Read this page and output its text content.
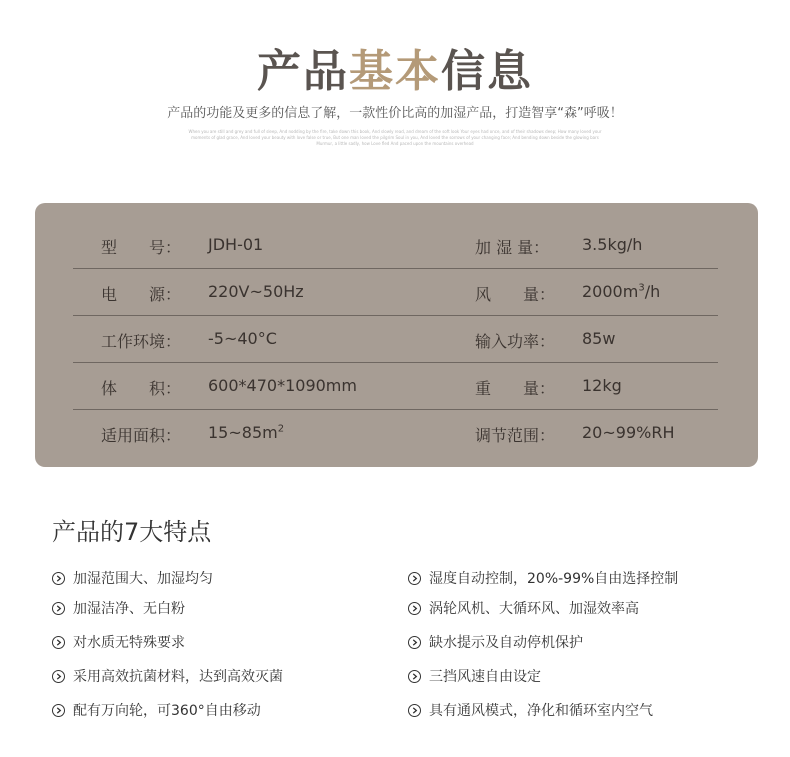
产品基本信息
产品的功能及更多的信息了解，一款性价比高的加湿产品，打造智享“森”呼吸！
When you are still and grey and full of sleep, And nodding by the fire, take down this book, And slowly read, and dream of the soft look Your eyes had once, and of their shadows deep; How many loved your moments of glad grace, And loved your beauty with love false or true, But one man loved the pilgrim Soul in you, And loved the sorrows of your changing face; And bending down beside the glowing bars Murmur, a little sadly, how Love fled And paced upon the mountains overhead
型　　号： JDH-01	加 湿 量： 3.5kg/h
电　　源： 220V~50Hz	风　　量： $2000m^3/h$
工作环境： -5~40°C	输入功率： 85w
体　　积： 600*470*1090mm	重　　量： 12kg
适用面积： $15\sim 85m^2$	调节范围： 20~99%RH
产品的7大特点
加湿范围大、加湿均匀
加湿洁净、无白粉
对水质无特殊要求
采用高效抗菌材料，达到高效灭菌
配有万向轮，可360°自由移动
湿度自动控制，20%-99%自由选择控制
涡轮风机、大循环风、加湿效率高
缺水提示及自动停机保护
三挡风速自由设定
具有通风模式，净化和循环室内空气
